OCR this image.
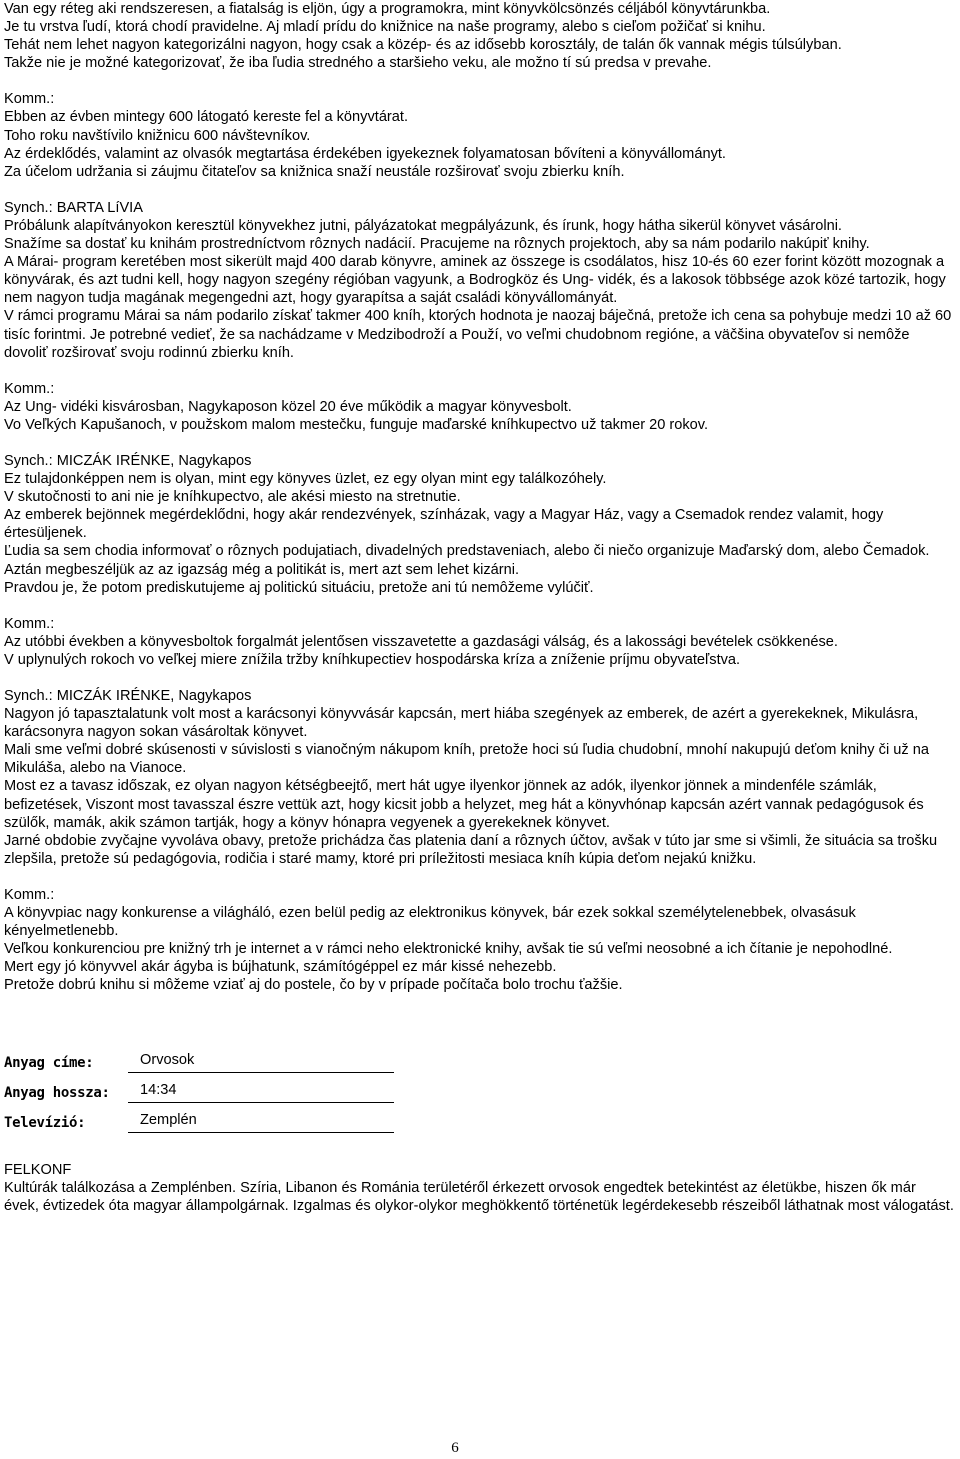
Van egy réteg aki rendszeresen, a fiatalság is eljön, úgy a programokra, mint könyvkölcsönzés céljából könyvtárunkba.
Je tu vrstva ľudí, ktorá chodí pravidelne. Aj mladí prídu do knižnice na naše programy, alebo s cieľom požičať si knihu.
Tehát nem lehet nagyon kategorizálni nagyon, hogy csak a közép- és az idősebb korosztály, de talán ők vannak mégis túlsúlyban.
Takže nie je možné kategorizovať, že iba ľudia stredného a staršieho veku, ale možno tí sú predsa v prevahe.
Komm.:
Ebben az évben mintegy 600 látogató kereste fel a könyvtárat.
Toho roku navštívilo knižnicu 600 návštevníkov.
Az érdeklődés, valamint az olvasók megtartása érdekében igyekeznek folyamatosan bővíteni a könyvállományt.
Za účelom udržania si záujmu čitateľov sa knižnica snaží neustále rozširovať svoju zbierku kníh.
Synch.: BARTA LíVIA
Próbálunk alapítványokon keresztül könyvekhez jutni, pályázatokat megpályázunk, és írunk, hogy hátha sikerül könyvet vásárolni.
Snažíme sa dostať ku knihám prostredníctvom rôznych nadácií. Pracujeme na rôznych projektoch, aby sa nám podarilo nakúpiť knihy.
A Márai- program keretében most sikerült majd 400 darab könyvre, aminek az összege is csodálatos, hisz 10-és 60 ezer forint között mozognak a könyvárak, és azt tudni kell, hogy nagyon szegény régióban vagyunk, a Bodrogköz és Ung- vidék, és a lakosok többsége azok közé tartozik, hogy nem nagyon tudja magának megengedni azt, hogy gyarapítsa a saját családi könyvállományát.
V rámci programu Márai sa nám podarilo získať takmer 400 kníh, ktorých hodnota je naozaj báječná, pretože ich cena sa pohybuje medzi 10 až 60 tisíc forintmi. Je potrebné vedieť, že sa nachádzame v Medzibodroží a Použí, vo veľmi chudobnom regióne, a väčšina obyvateľov si nemôže dovoliť rozširovať svoju rodinnú zbierku kníh.
Komm.:
Az Ung- vidéki kisvárosban, Nagykaposon közel 20 éve működik a magyar könyvesbolt.
Vo Veľkých Kapušanoch, v použskom malom mestečku, funguje maďarské kníhkupectvo už takmer 20 rokov.
Synch.: MICZÁK IRÉNKE, Nagykapos
Ez tulajdonképpen nem is olyan, mint egy könyves üzlet, ez egy olyan mint egy találkozóhely.
V skutočnosti to ani nie je kníhkupectvo, ale akési miesto na stretnutie.
Az emberek bejönnek megérdeklődni, hogy akár rendezvények, színházak, vagy a Magyar Ház, vagy a Csemadok rendez valamit, hogy értesüljenek.
Ľudia sa sem chodia informovať o rôznych podujatiach, divadelných predstaveniach, alebo či niečo organizuje Maďarský dom, alebo Čemadok.
Aztán megbeszéljük az az igazság még a politikát is, mert azt sem lehet kizárni.
Pravdou je, že potom prediskutujeme aj politickú situáciu, pretože ani tú nemôžeme vylúčiť.
Komm.:
Az utóbbi években a könyvesboltok forgalmát jelentősen visszavetette a gazdasági válság, és a lakossági bevételek csökkenése.
V uplynulých rokoch vo veľkej miere znížila tržby kníhkupectiev hospodárska kríza a zníženie príjmu obyvateľstva.
Synch.: MICZÁK IRÉNKE, Nagykapos
Nagyon jó tapasztalatunk volt most a karácsonyi könyvvásár kapcsán, mert hiába szegények az emberek, de azért a gyerekeknek, Mikulásra, karácsonyra nagyon sokan vásároltak könyvet.
Mali sme veľmi dobré skúsenosti v súvislosti s vianočným nákupom kníh, pretože hoci sú ľudia chudobní, mnohí nakupujú deťom knihy či už na Mikuláša, alebo na Vianoce.
Most ez a tavasz időszak, ez olyan nagyon kétségbeejtő, mert hát ugye ilyenkor jönnek az adók, ilyenkor jönnek a mindenféle számlák, befizetések, Viszont most tavasszal észre vettük azt, hogy kicsit jobb a helyzet, meg hát a könyvhónap kapcsán azért vannak pedagógusok és szülők, mamák, akik számon tartják, hogy a könyv hónapra vegyenek a gyerekeknek könyvet.
Jarné obdobie zvyčajne vyvoláva obavy, pretože prichádza čas platenia daní a rôznych účtov, avšak v túto jar sme si všimli, že situácia sa trošku zlepšila, pretože sú pedagógovia, rodičia i staré mamy, ktoré pri príležitosti mesiaca kníh kúpia deťom nejakú knižku.
Komm.:
A könyvpiac nagy konkurense a világháló, ezen belül pedig az elektronikus könyvek, bár ezek sokkal személytelenebbek, olvasásuk kényelmetlenebb.
Veľkou konkurenciou pre knižný trh je internet a v rámci neho elektronické knihy, avšak tie sú veľmi neosobné a ich čítanie je nepohodlné.
Mert egy jó könyvvel akár ágyba is bújhatunk, számítógéppel ez már kissé nehezebb.
Pretože dobrú knihu si môžeme vziať aj do postele, čo by v prípade počítača bolo trochu ťažšie.
Anyag címe:	Orvosok
Anyag hossza:	14:34
Televízió:	Zemplén
FELKONF
Kultúrák találkozása a Zemplénben. Szíria, Libanon és Románia területéről érkezett orvosok engedtek betekintést az életükbe, hiszen ők már évek, évtizedek óta magyar állampolgárnak. Izgalmas és olykor-olykor meghökkentő történetük legérdekesebb részeiből láthatnak most válogatást.
6
